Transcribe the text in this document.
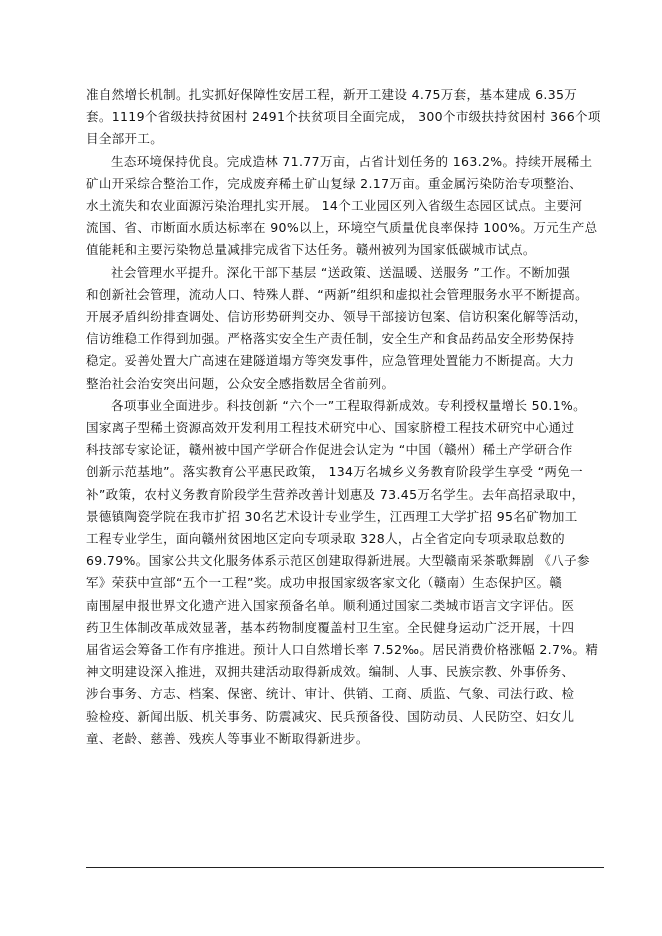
准自然增长机制。扎实抓好保障性安居工程，新开工建设 4.75万套，基本建成 6.35万
套。1119个省级扶持贫困村 2491个扶贫项目全面完成， 300个市级扶持贫困村 366个项
目全部开工。
生态环境保持优良。完成造林 71.77万亩，占省计划任务的 163.2%。持续开展稀土
矿山开采综合整治工作，完成废弃稀土矿山复绿 2.17万亩。重金属污染防治专项整治、
水土流失和农业面源污染治理扎实开展。 14个工业园区列入省级生态园区试点。主要河
流国、省、市断面水质达标率在 90%以上，环境空气质量优良率保持 100%。万元生产总
值能耗和主要污染物总量减排完成省下达任务。赣州被列为国家低碳城市试点。
社会管理水平提升。深化干部下基层 “送政策、送温暖、送服务 ”工作。不断加强
和创新社会管理，流动人口、特殊人群、“两新”组织和虚拟社会管理服务水平不断提高。
开展矛盾纠纷排查调处、信访形势研判交办、领导干部接访包案、信访积案化解等活动，
信访维稳工作得到加强。严格落实安全生产责任制，安全生产和食品药品安全形势保持
稳定。妥善处置大广高速在建隧道塌方等突发事件，应急管理处置能力不断提高。大力
整治社会治安突出问题，公众安全感指数居全省前列。
各项事业全面进步。科技创新 “六个一”工程取得新成效。专利授权量增长 50.1%。
国家离子型稀土资源高效开发利用工程技术研究中心、国家脐橙工程技术研究中心通过
科技部专家论证，赣州被中国产学研合作促进会认定为 “中国（赣州）稀土产学研合作
创新示范基地”。落实教育公平惠民政策， 134万名城乡义务教育阶段学生享受 “两免一
补”政策，农村义务教育阶段学生营养改善计划惠及 73.45万名学生。去年高招录取中，
景德镇陶瓷学院在我市扩招 30名艺术设计专业学生，江西理工大学扩招 95名矿物加工
工程专业学生，面向赣州贫困地区定向专项录取 328人，占全省定向专项录取总数的
69.79%。国家公共文化服务体系示范区创建取得新进展。大型赣南采茶歌舞剧 《八子参
军》荣获中宣部“五个一工程”奖。成功申报国家级客家文化（赣南）生态保护区。赣
南围屋申报世界文化遗产进入国家预备名单。顺利通过国家二类城市语言文字评估。医
药卫生体制改革成效显著，基本药物制度覆盖村卫生室。全民健身运动广泛开展，十四
届省运会筹备工作有序推进。预计人口自然增长率 7.52‰。居民消费价格涨幅 2.7%。精
神文明建设深入推进，双拥共建活动取得新成效。编制、人事、民族宗教、外事侨务、
涉台事务、方志、档案、保密、统计、审计、供销、工商、质监、气象、司法行政、检
验检疫、新闻出版、机关事务、防震减灾、民兵预备役、国防动员、人民防空、妇女儿
童、老龄、慈善、残疾人等事业不断取得新进步。
